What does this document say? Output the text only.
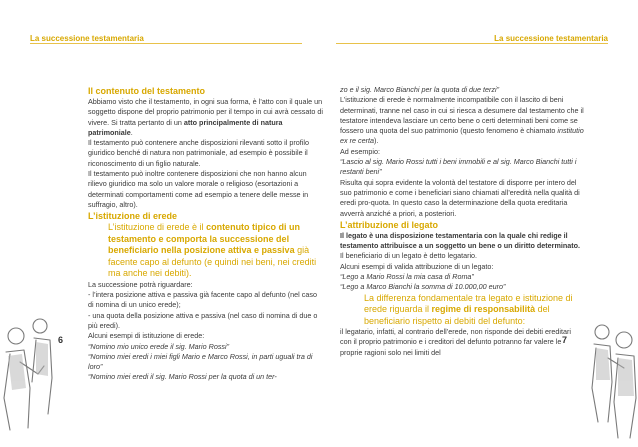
La successione testamentaria	La successione testamentaria

Il contenuto del testamento

Abbiamo visto che il testamento, in ogni sua forma, è l’atto con il quale un soggetto dispone del proprio patrimonio per il tempo in cui avrà cessato di vivere. Si tratta pertanto di un atto principalmente di natura patrimoniale.

Il testamento può contenere anche disposizioni rilevanti sotto il profilo giuridico benché di natura non patrimoniale, ad esempio è possibile il riconoscimento di un figlio naturale.

Il testamento può inoltre contenere disposizioni che non hanno alcun rilievo giuridico ma solo un valore morale o religioso (esortazioni a determinati comportamenti come ad esempio a tenere delle messe in suffragio, altro).

L’istituzione di erede

L’istituzione di erede è il contenuto tipico di un testamento e comporta la successione del beneficiario nella posizione attiva e passiva già facente capo al defunto (e quindi nei beni, nei crediti ma anche nei debiti).

La successione potrà riguardare:

- l’intera posizione attiva e passiva già facente capo al defunto (nel caso di nomina di un unico erede);

- una quota della posizione attiva e passiva (nel caso di nomina di due o più eredi).

Alcuni esempi di istituzione di erede:

“Nomino mio unico erede il sig. Mario Rossi”

“Nomino miei eredi i miei figli Mario e Marco Rossi, in parti uguali tra di loro”

“Nomino miei eredi il sig. Mario Rossi per la quota di un ter-

zo e il sig. Marco Bianchi per la quota di due terzi”

L’istituzione di erede è normalmente incompatibile con il lascito di beni determinati, tranne nel caso in cui si riesca a desumere dal testamento che il testatore intendeva lasciare un certo bene o certi determinati beni come se fossero una quota del suo patrimonio (questo fenomeno è chiamato institutio ex re certa).

Ad esempio:

“Lascio al sig. Mario Rossi tutti i beni immobili e al sig. Marco Bianchi tutti i restanti beni”

Risulta qui sopra evidente la volontà del testatore di disporre per intero del suo patrimonio e come i beneficiari siano chiamati all’eredità nella qualità di eredi pro-quota. In questo caso la determinazione della quota ereditaria avverrà anziché a priori, a posteriori.

L’attribuzione di legato

Il legato è una disposizione testamentaria con la quale chi redige il testamento attribuisce a un soggetto un bene o un diritto determinato. Il beneficiario di un legato è detto legatario.

Alcuni esempi di valida attribuzione di un legato:

“Lego a Mario Rossi la mia casa di Roma”

“Lego a Marco Bianchi la somma di 10.000,00 euro”

La differenza fondamentale tra legato e istituzione di erede riguarda il regime di responsabilità del beneficiario rispetto ai debiti del defunto:

il legatario, infatti, al contrario dell’erede, non risponde dei debiti ereditari con il proprio patrimonio e i creditori del defunto potranno far valere le proprie ragioni solo nei limiti del

6	7
